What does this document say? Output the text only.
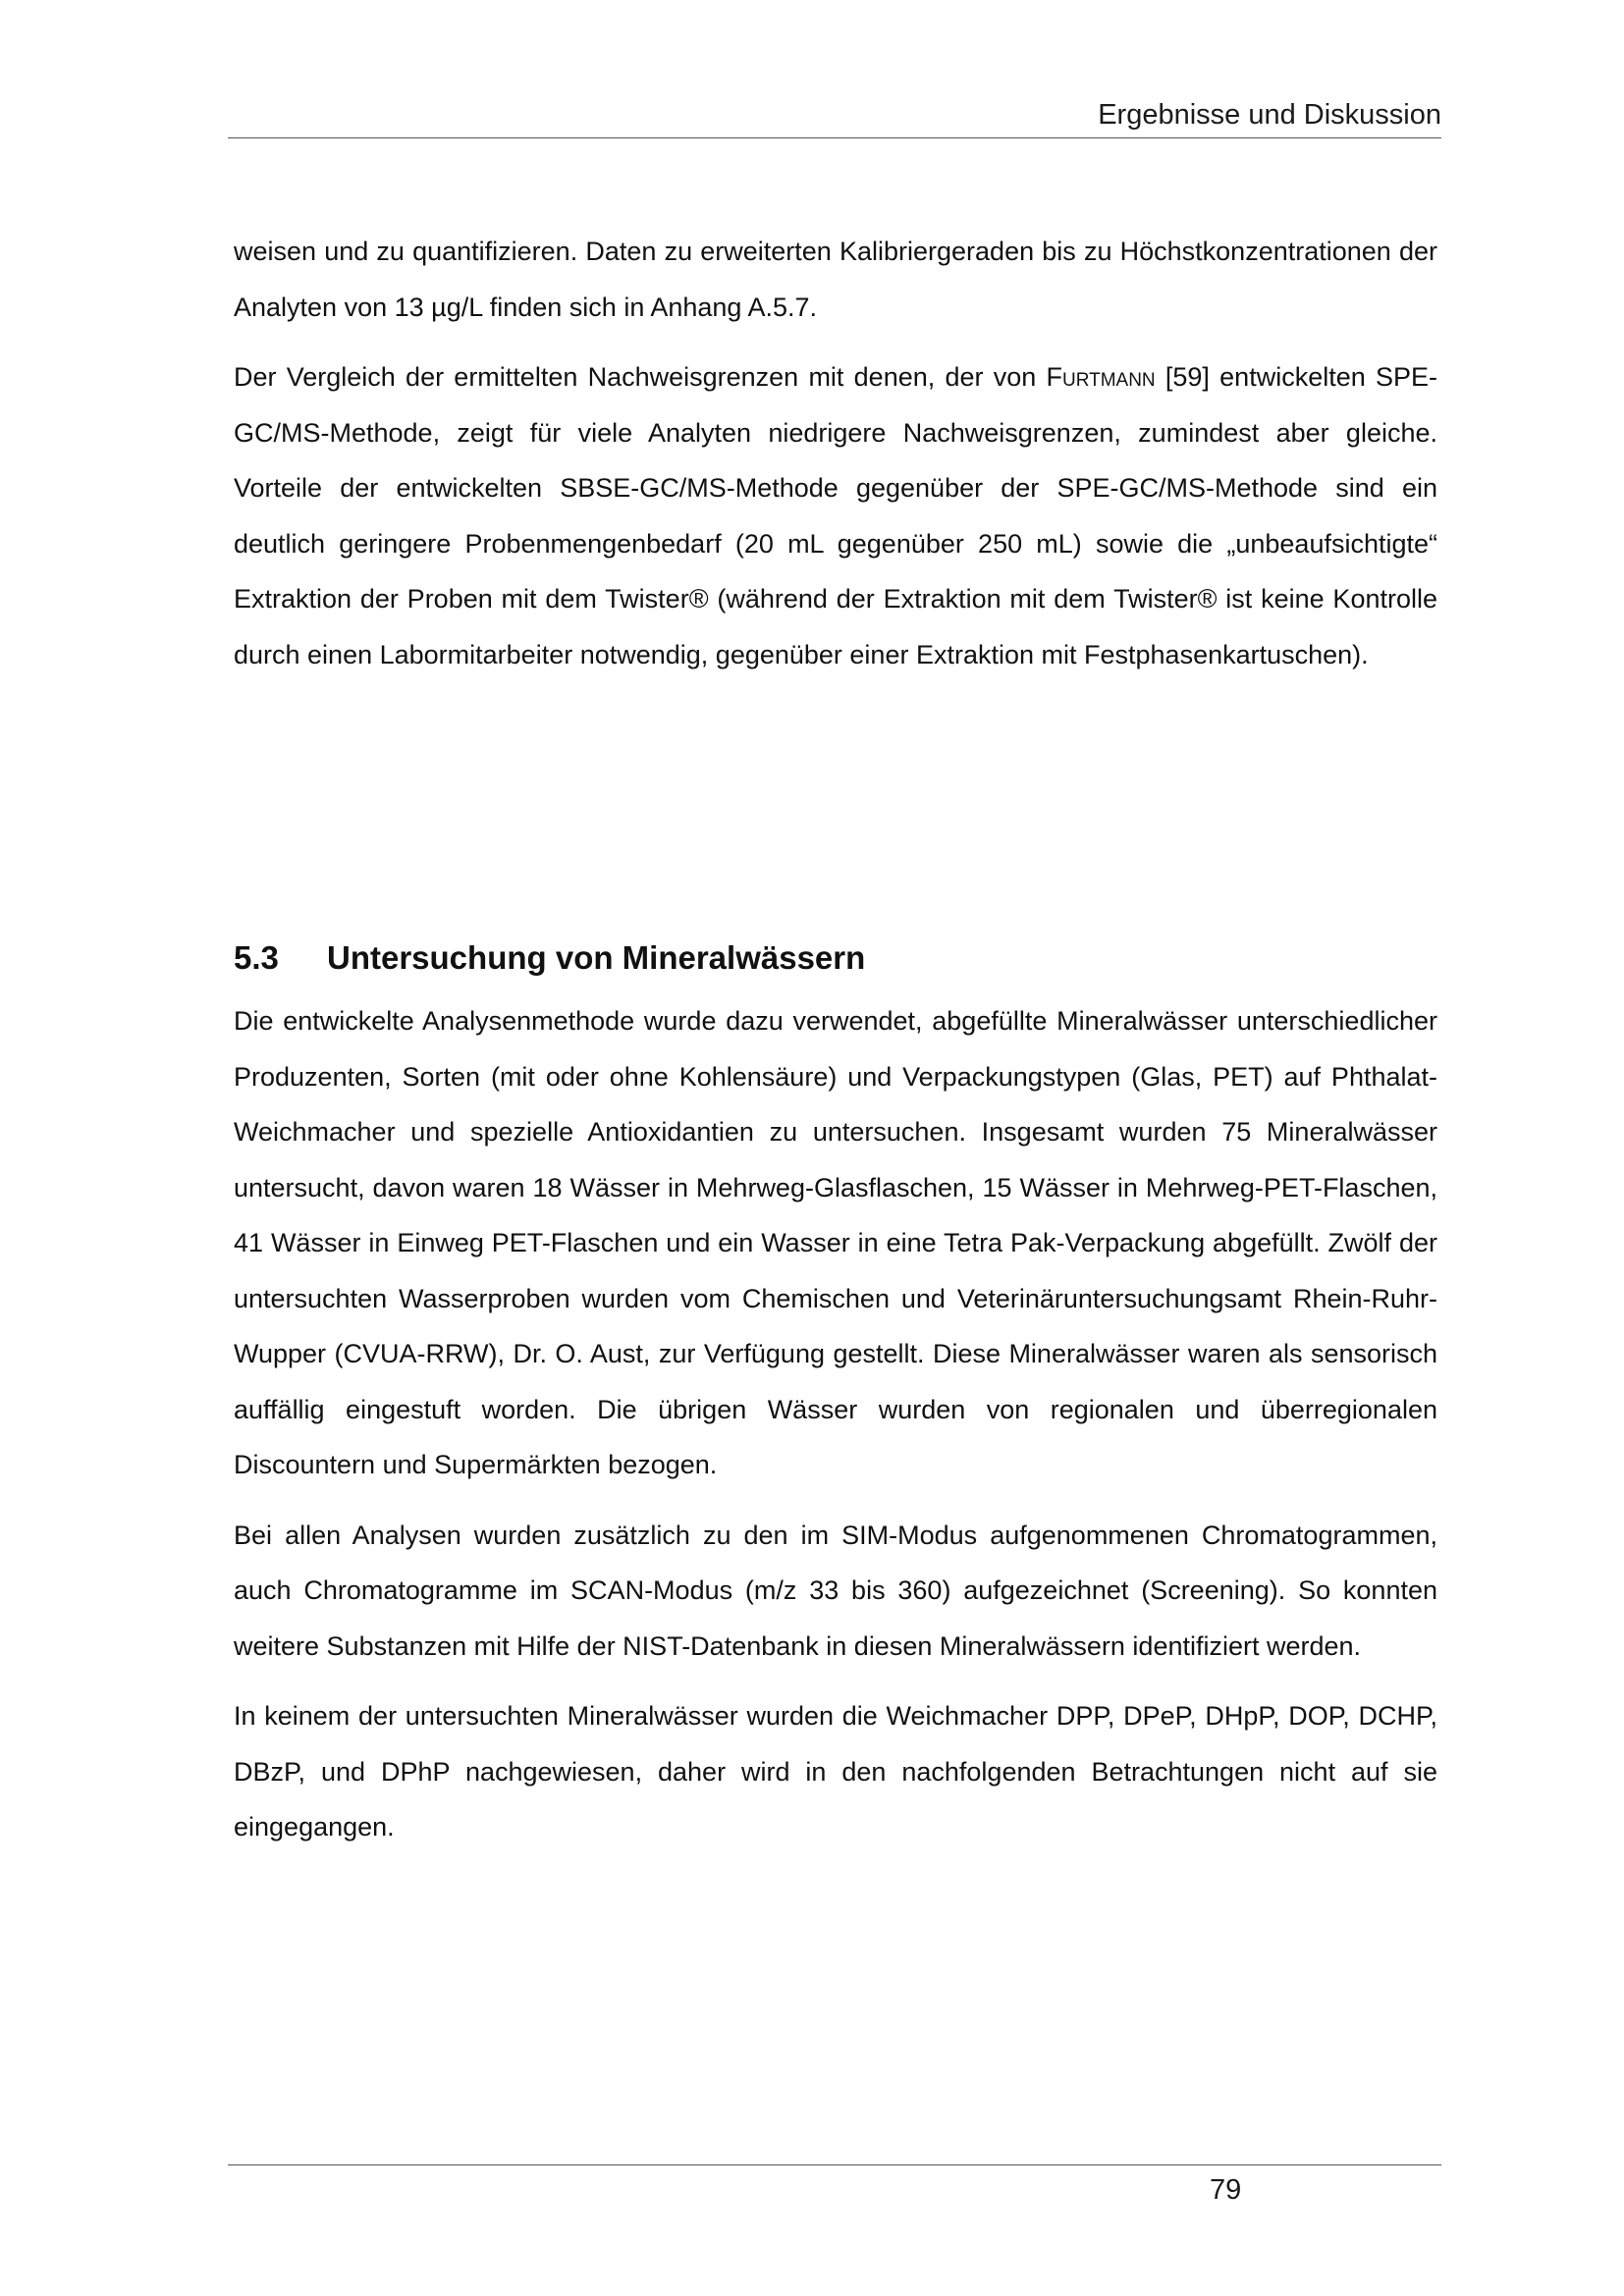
Ergebnisse und Diskussion

weisen und zu quantifizieren. Daten zu erweiterten Kalibriergeraden bis zu Höchstkonzentrationen der Analyten von 13 µg/L finden sich in Anhang A.5.7.

Der Vergleich der ermittelten Nachweisgrenzen mit denen, der von Furtmann [59] entwickelten SPE-GC/MS-Methode, zeigt für viele Analyten niedrigere Nachweisgrenzen, zumindest aber gleiche. Vorteile der entwickelten SBSE-GC/MS-Methode gegenüber der SPE-GC/MS-Methode sind ein deutlich geringere Probenmengenbedarf (20 mL gegenüber 250 mL) sowie die „unbeaufsichtigte“ Extraktion der Proben mit dem Twister® (während der Extraktion mit dem Twister® ist keine Kontrolle durch einen Labormitarbeiter notwendig, gegenüber einer Extraktion mit Festphasenkartuschen).

5.3 Untersuchung von Mineralwässern

Die entwickelte Analysenmethode wurde dazu verwendet, abgefüllte Mineralwässer unterschiedlicher Produzenten, Sorten (mit oder ohne Kohlensäure) und Verpackungstypen (Glas, PET) auf Phthalat-Weichmacher und spezielle Antioxidantien zu untersuchen. Insgesamt wurden 75 Mineralwässer untersucht, davon waren 18 Wässer in Mehrweg-Glasflaschen, 15 Wässer in Mehrweg-PET-Flaschen, 41 Wässer in Einweg PET-Flaschen und ein Wasser in eine Tetra Pak-Verpackung abgefüllt. Zwölf der untersuchten Wasserproben wurden vom Chemischen und Veterinäruntersuchungsamt Rhein-Ruhr-Wupper (CVUA-RRW), Dr. O. Aust, zur Verfügung gestellt. Diese Mineralwässer waren als sensorisch auffällig eingestuft worden. Die übrigen Wässer wurden von regionalen und überregionalen Discountern und Supermärkten bezogen.

Bei allen Analysen wurden zusätzlich zu den im SIM-Modus aufgenommenen Chromatogrammen, auch Chromatogramme im SCAN-Modus (m/z 33 bis 360) aufgezeichnet (Screening). So konnten weitere Substanzen mit Hilfe der NIST-Datenbank in diesen Mineralwässern identifiziert werden.

In keinem der untersuchten Mineralwässer wurden die Weichmacher DPP, DPeP, DHpP, DOP, DCHP, DBzP, und DPhP nachgewiesen, daher wird in den nachfolgenden Betrachtungen nicht auf sie eingegangen.

79
